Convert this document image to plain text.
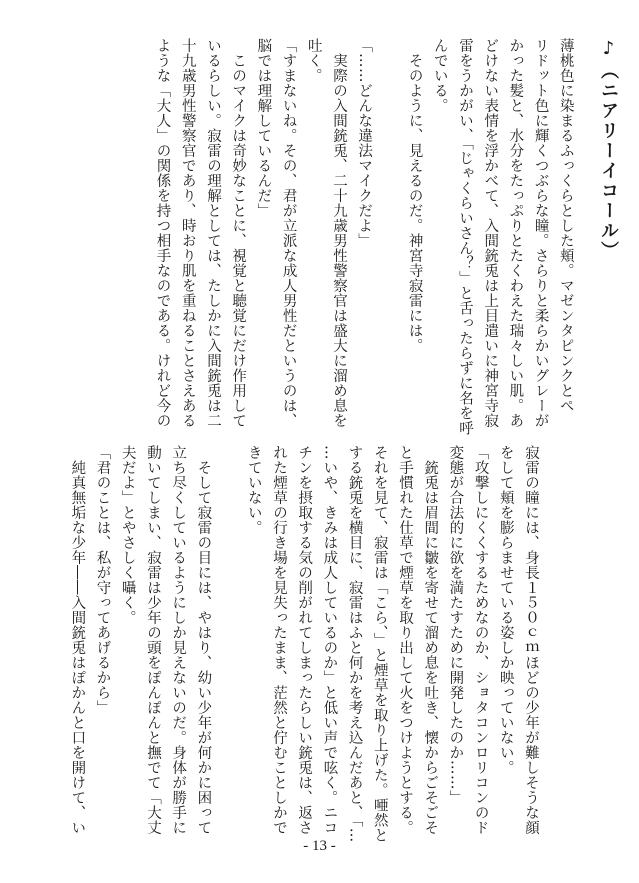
♪（ニアリーイコール）
薄桃色に染まるふっくらとした頬。マゼンタピンクとぺ
リドット色に輝くつぶらな瞳。さらりと柔らかいグレーが
かった髪と、水分をたっぷりとたくわえた瑞々しい肌。あ
どけない表情を浮かべて、入間銃兎は上目遣いに神宮寺寂
雷をうかがい、「じゃくらいさん？」と舌ったらずに名を呼
んでいる。
　そのように、見えるのだ。神宮寺寂雷には。
「……どんな違法マイクだよ」
　実際の入間銃兎、二十九歳男性警察官は盛大に溜め息を
吐く。
「すまないね。その、君が立派な成人男性だというのは、
脳では理解しているんだ」
　このマイクは奇妙なことに、視覚と聴覚にだけ作用して
いるらしい。寂雷の理解としては、たしかに入間銃兎は二
十九歳男性警察官であり、時おり肌を重ねることさえある
ような「大人」の関係を持つ相手なのである。けれど今の
寂雷の瞳には、身長１５０ｃｍほどの少年が難しそうな顔
をして頬を膨らませている姿しか映っていない。
「攻撃しにくくするためなのか、ショタコンロリコンのド
変態が合法的に欲を満たすために開発したのか……」
　銃兎は眉間に皺を寄せて溜め息を吐き、懐からごそごそ
と手慣れた仕草で煙草を取り出して火をつけようとする。
それを見て、寂雷は「こら、」と煙草を取り上げた。唖然と
する銃兎を横目に、寂雷はふと何かを考え込んだあと、「…
…いや、きみは成人しているのか」と低い声で呟く。ニコ
チンを摂取する気の削がれてしまったらしい銃兎は、返さ
れた煙草の行き場を見失ったまま、茫然と佇むことしかで
きていない。
　そして寂雷の目には、やはり、幼い少年が何かに困って
立ち尽くしているようにしか見えないのだ。身体が勝手に
動いてしまい、寂雷は少年の頭をぽんぽんと撫でて「大丈
夫だよ」とやさしく囁く。
「君のことは、私が守ってあげるから」
　純真無垢な少年――入間銃兎はぽかんと口を開けて、い
- 13 -
